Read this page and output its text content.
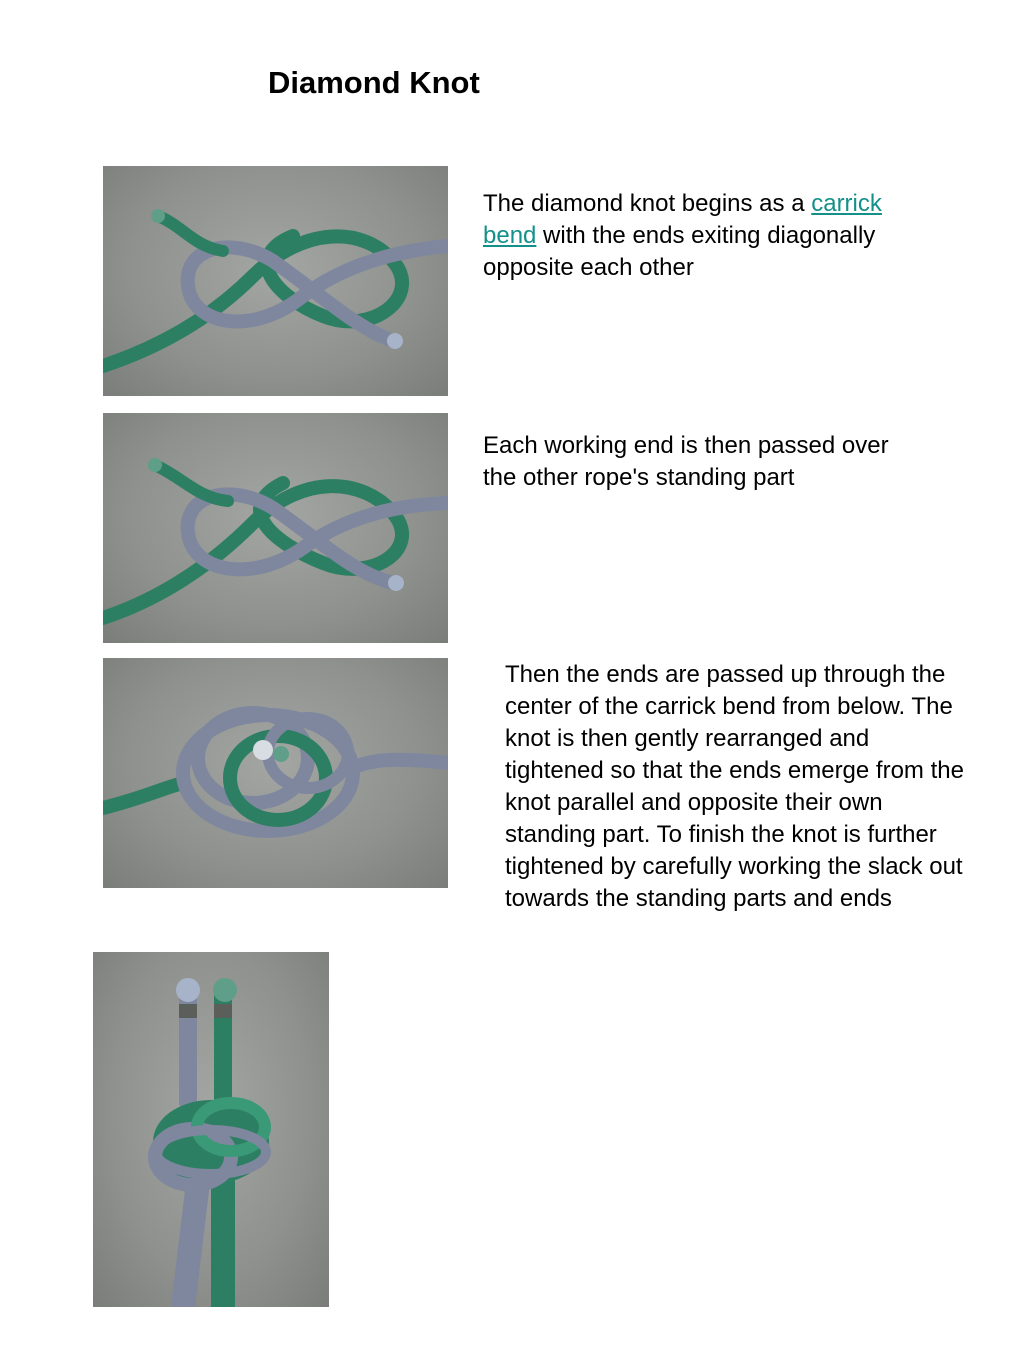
Diamond Knot

The diamond knot begins as a carrick bend with the ends exiting diagonally opposite each other

Each working end is then passed over the other rope's standing part

Then the ends are passed up through the center of the carrick bend from below. The knot is then gently rearranged and tightened so that the ends emerge from the knot parallel and opposite their own standing part. To finish the knot is further tightened by carefully working the slack out towards the standing parts and ends
